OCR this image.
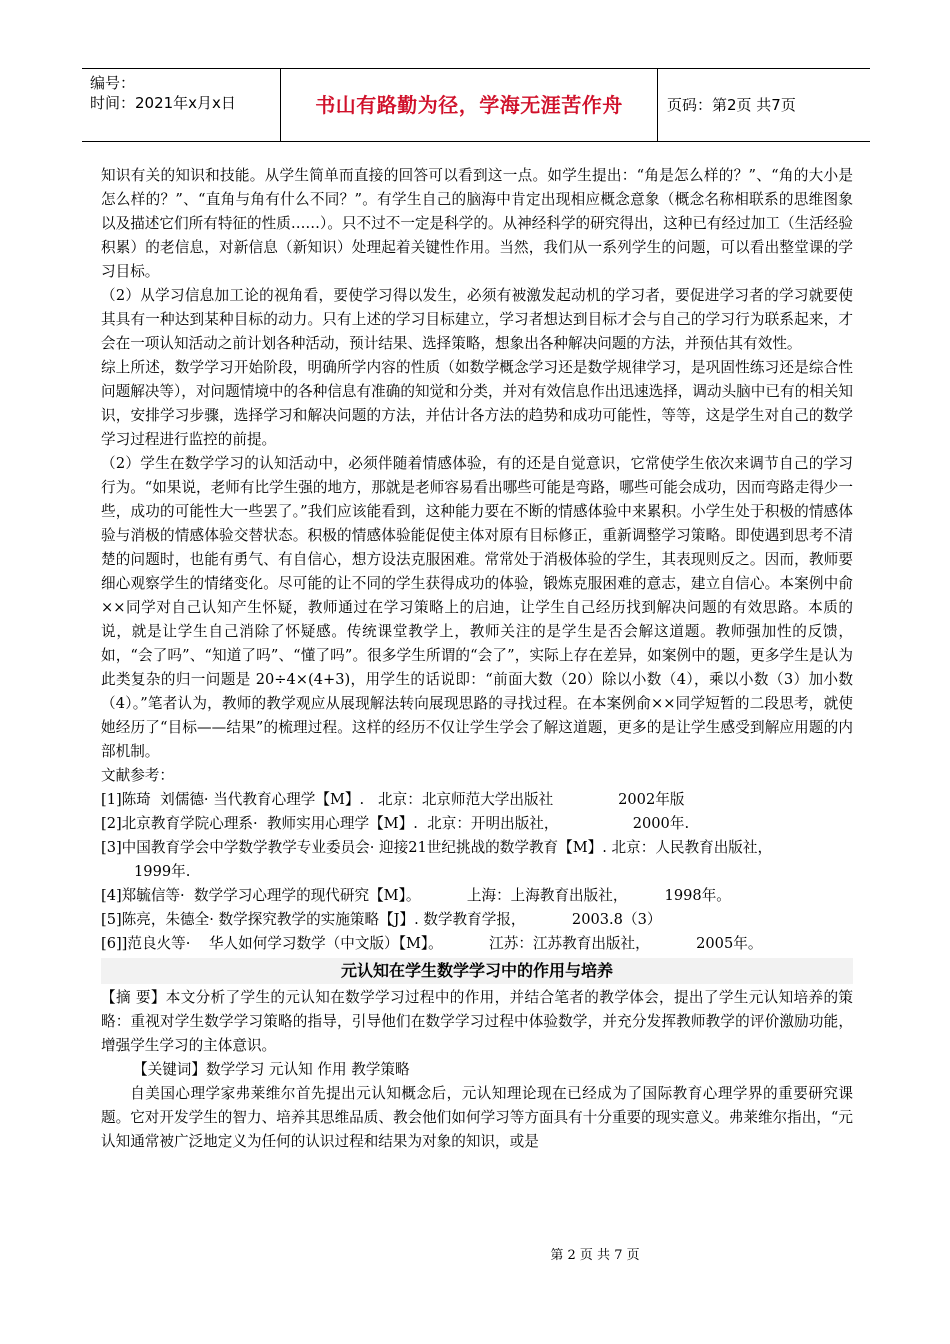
编号：
时间：2021年x月x日	书山有路勤为径，学海无涯苦作舟	页码：第2页 共7页

知识有关的知识和技能。从学生简单而直接的回答可以看到这一点。如学生提出：“角是怎么样的？”、“角的大小是怎么样的？”、“直角与角有什么不同？”。有学生自己的脑海中肯定出现相应概念意象（概念名称相联系的思维图象以及描述它们所有特征的性质……）。只不过不一定是科学的。从神经科学的研究得出，这种已有经过加工（生活经验积累）的老信息，对新信息（新知识）处理起着关键性作用。当然，我们从一系列学生的问题，可以看出整堂课的学习目标。

（2）从学习信息加工论的视角看，要使学习得以发生，必须有被激发起动机的学习者，要促进学习者的学习就要使其具有一种达到某种目标的动力。只有上述的学习目标建立，学习者想达到目标才会与自己的学习行为联系起来，才会在一项认知活动之前计划各种活动，预计结果、选择策略，想象出各种解决问题的方法，并预估其有效性。

综上所述，数学学习开始阶段，明确所学内容的性质（如数学概念学习还是数学规律学习，是巩固性练习还是综合性问题解决等），对问题情境中的各种信息有准确的知觉和分类，并对有效信息作出迅速选择，调动头脑中已有的相关知识，安排学习步骤，选择学习和解决问题的方法，并估计各方法的趋势和成功可能性，等等，这是学生对自己的数学学习过程进行监控的前提。

（2）学生在数学学习的认知活动中，必须伴随着情感体验，有的还是自觉意识，它常使学生依次来调节自己的学习行为。“如果说，老师有比学生强的地方，那就是老师容易看出哪些可能是弯路，哪些可能会成功，因而弯路走得少一些，成功的可能性大一些罢了。”我们应该能看到，这种能力要在不断的情感体验中来累积。小学生处于积极的情感体验与消极的情感体验交替状态。积极的情感体验能促使主体对原有目标修正，重新调整学习策略。即使遇到思考不清楚的问题时，也能有勇气、有自信心，想方设法克服困难。常常处于消极体验的学生，其表现则反之。因而，教师要细心观察学生的情绪变化。尽可能的让不同的学生获得成功的体验，锻炼克服困难的意志，建立自信心。本案例中俞××同学对自己认知产生怀疑，教师通过在学习策略上的启迪，让学生自己经历找到解决问题的有效思路。本质的说，就是让学生自己消除了怀疑感。传统课堂教学上，教师关注的是学生是否会解这道题。教师强加性的反馈，如，“会了吗”、“知道了吗”、“懂了吗”。很多学生所谓的“会了”，实际上存在差异，如案例中的题，更多学生是认为此类复杂的归一问题是 20÷4×(4+3)，用学生的话说即：“前面大数（20）除以小数（4），乘以小数（3）加小数（4）。”笔者认为，教师的教学观应从展现解法转向展现思路的寻找过程。在本案例俞××同学短暂的二段思考，就使她经历了“目标——结果”的梳理过程。这样的经历不仅让学生学会了解这道题，更多的是让学生感受到解应用题的内部机制。

文献参考：

[1]陈琦  刘儒德· 当代教育心理学【M】.   北京：北京师范大学出版社              2002年版

[2]北京教育学院心理系·  教师实用心理学【M】.  北京：开明出版社，                2000年.

[3]中国教育学会中学数学教学专业委员会· 迎接21世纪挑战的数学教育【M】. 北京：人民教育出版社，

1999年.

[4]郑毓信等·  数学学习心理学的现代研究【M】。          上海：上海教育出版社，        1998年。

[5]陈亮，朱德全· 数学探究教学的实施策略【J】. 数学教育学报，          2003.8（3）

[6]]范良火等·    华人如何学习数学（中文版）【M】。          江苏：江苏教育出版社，          2005年。

元认知在学生数学学习中的作用与培养

【摘 要】本文分析了学生的元认知在数学学习过程中的作用，并结合笔者的教学体会，提出了学生元认知培养的策略：重视对学生数学学习策略的指导，引导他们在数学学习过程中体验数学，并充分发挥教师教学的评价激励功能，增强学生学习的主体意识。

【关键词】数学学习 元认知 作用 教学策略

自美国心理学家弗莱维尔首先提出元认知概念后，元认知理论现在已经成为了国际教育心理学界的重要研究课题。它对开发学生的智力、培养其思维品质、教会他们如何学习等方面具有十分重要的现实意义。弗莱维尔指出，“元认知通常被广泛地定义为任何的认识过程和结果为对象的知识，或是

第 2 页 共 7 页
